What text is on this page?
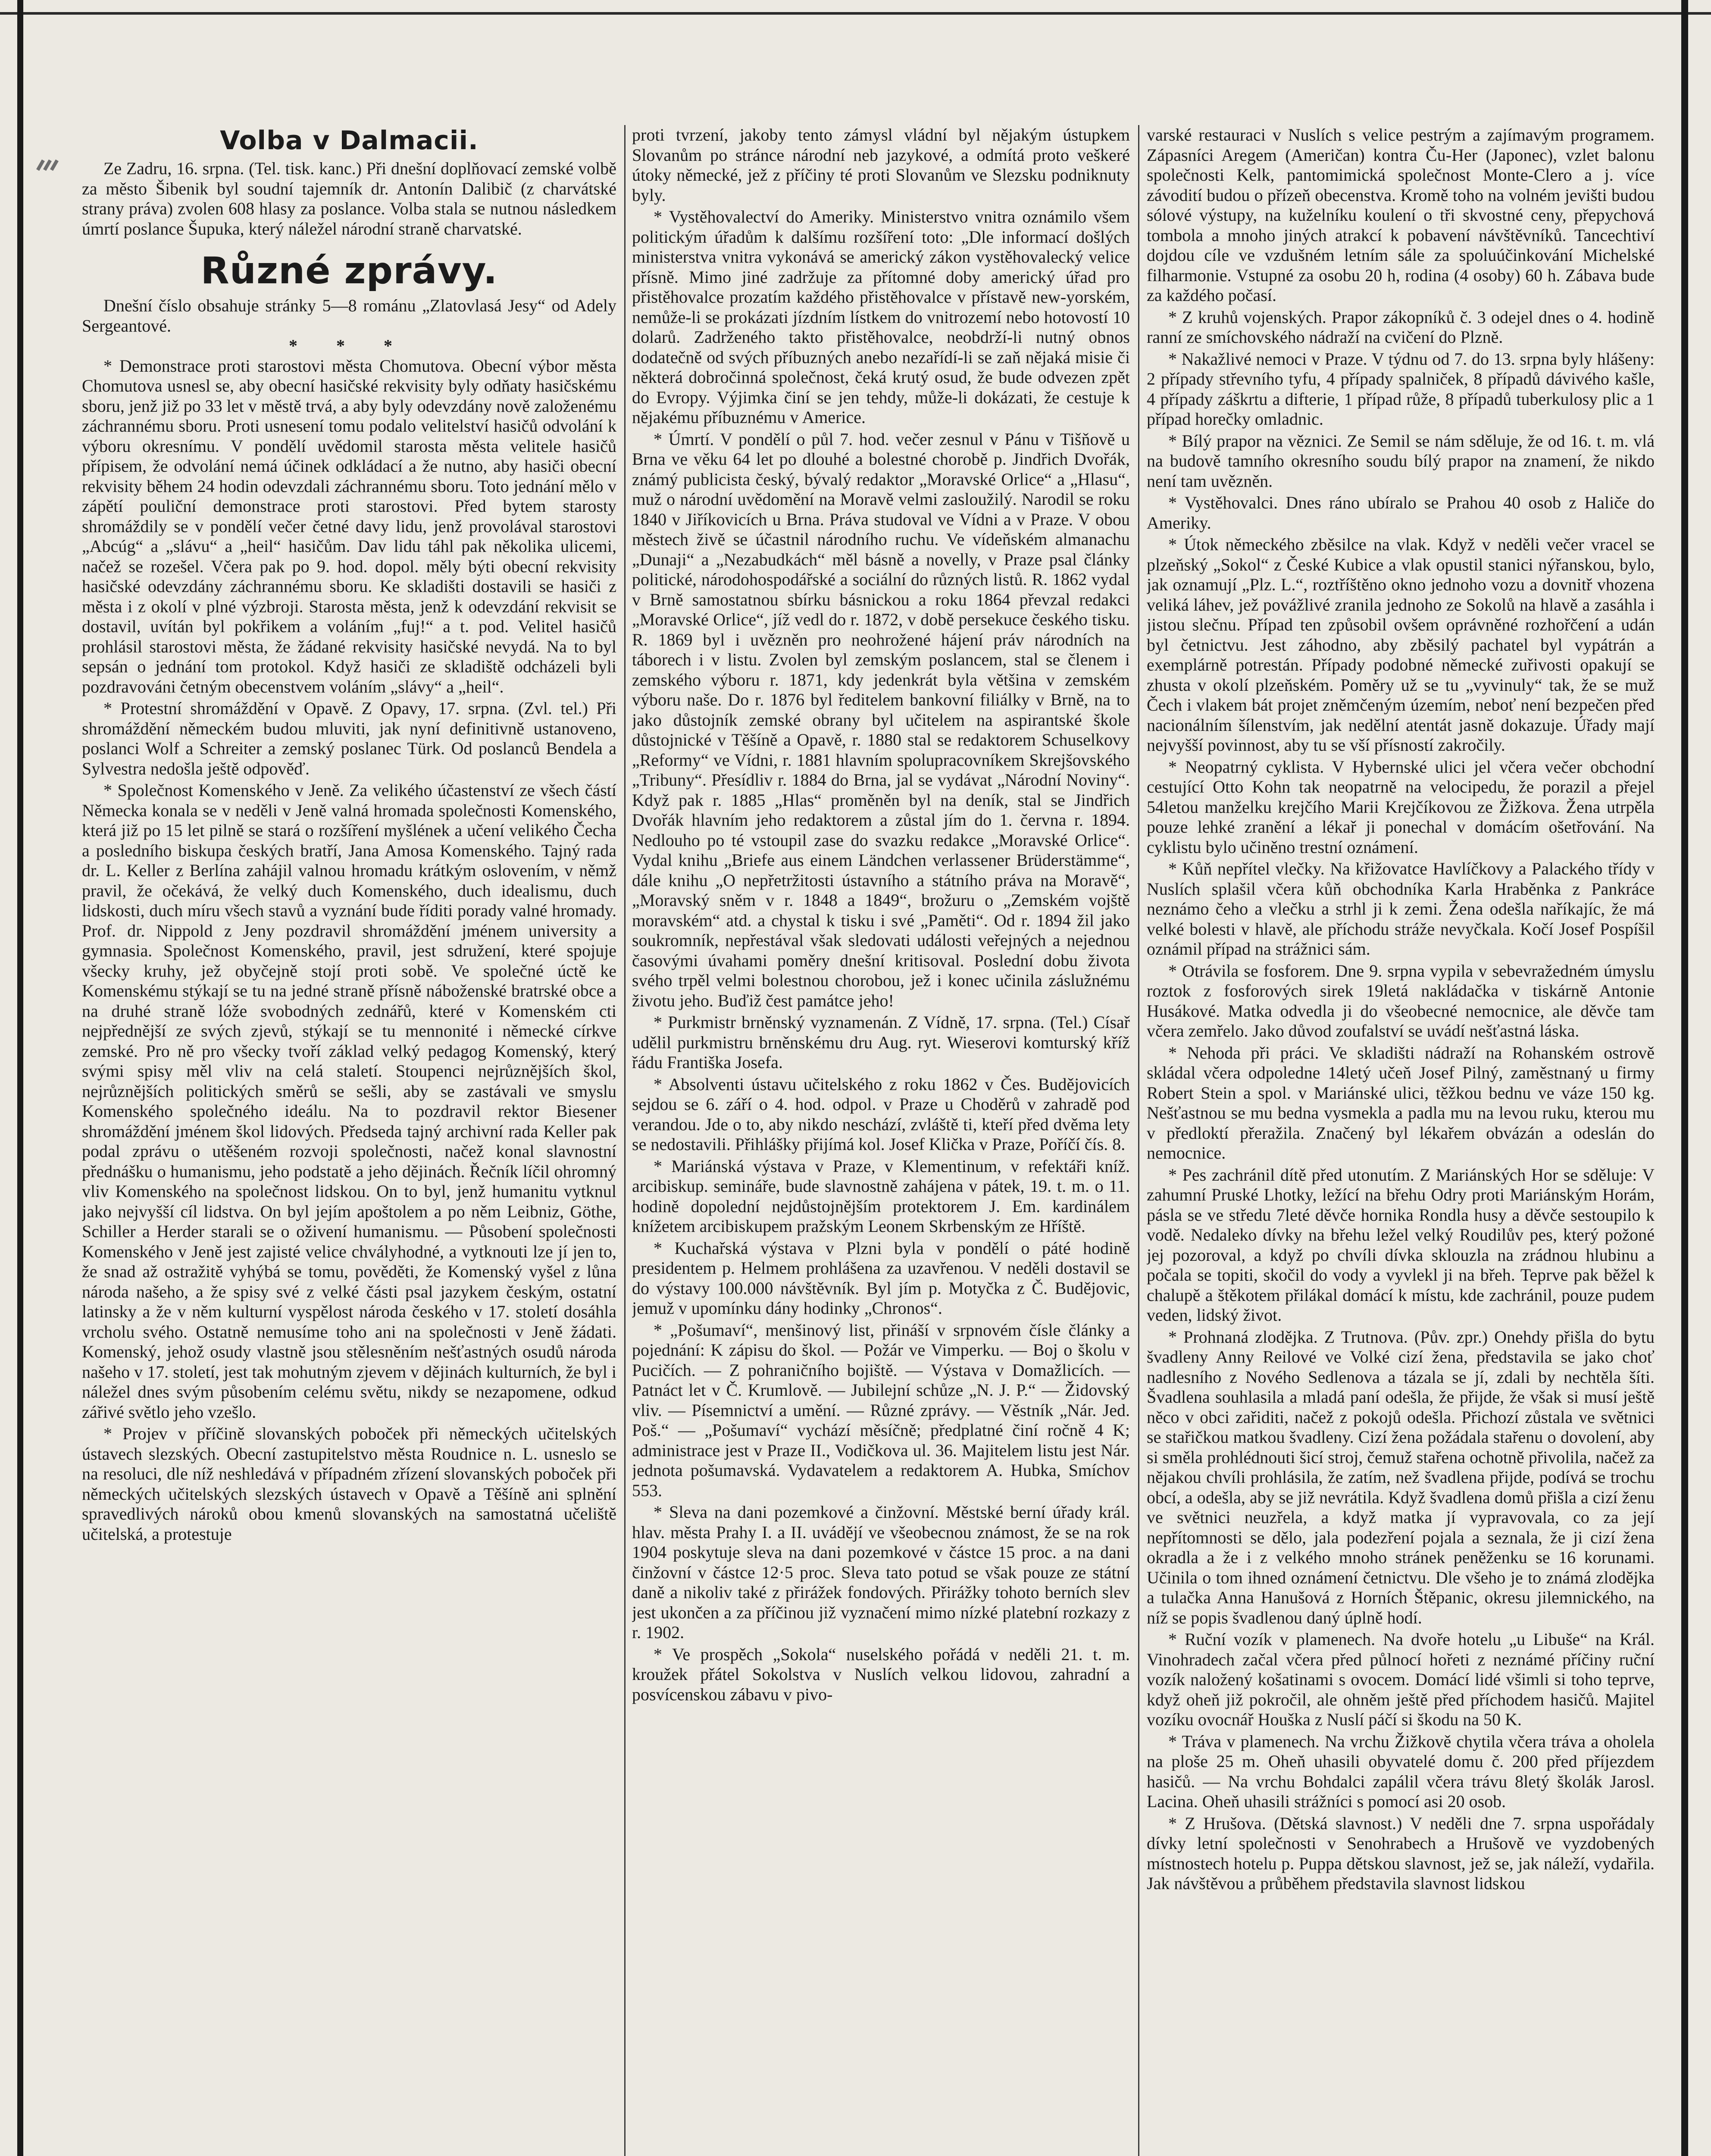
Volba v Dalmacii.

Ze Zadru, 16. srpna. (Tel. tisk. kanc.) Při dnešní doplňovací zemské volbě za město Šibenik byl soudní tajemník dr. Antonín Dalibič (z charvátské strany práva) zvolen 608 hlasy za poslance. Volba stala se nutnou následkem úmrtí poslance Šupuka, který náležel národní straně charvatské.

Různé zprávy.

Dnešní číslo obsahuje stránky 5—8 románu „Zlatovlasá Jesy“ od Adely Sergeantové.

* * *

* Demonstrace proti starostovi města Chomutova. Obecní výbor města Chomutova usnesl se, aby obecní hasičské rekvisity byly odňaty hasičskému sboru, jenž již po 33 let v městě trvá, a aby byly odevzdány nově založenému záchrannému sboru. Proti usnesení tomu podalo velitelství hasičů odvolání k výboru okresnímu. V pondělí uvědomil starosta města velitele hasičů přípisem, že odvolání nemá účinek odkládací a že nutno, aby hasiči obecní rekvisity během 24 hodin odevzdali záchrannému sboru. Toto jednání mělo v zápětí pouliční demonstrace proti starostovi. Před bytem starosty shromáždily se v pondělí večer četné davy lidu, jenž provolával starostovi „Abcúg“ a „slávu“ a „heil“ hasičům. Dav lidu táhl pak několika ulicemi, načež se rozešel. Včera pak po 9. hod. dopol. měly býti obecní rekvisity hasičské odevzdány záchrannému sboru. Ke skladišti dostavili se hasiči z města i z okolí v plné výzbroji. Starosta města, jenž k odevzdání rekvisit se dostavil, uvítán byl pokřikem a voláním „fuj!“ a t. pod. Velitel hasičů prohlásil starostovi města, že žádané rekvisity hasičské nevydá. Na to byl sepsán o jednání tom protokol. Když hasiči ze skladiště odcházeli byli pozdravováni četným obecenstvem voláním „slávy“ a „heil“.

* Protestní shromáždění v Opavě. Z Opavy, 17. srpna. (Zvl. tel.) Při shromáždění německém budou mluviti, jak nyní definitivně ustanoveno, poslanci Wolf a Schreiter a zemský poslanec Türk. Od poslanců Bendela a Sylvestra nedošla ještě odpověď.

* Společnost Komenského v Jeně. Za velikého účastenství ze všech částí Německa konala se v neděli v Jeně valná hromada společnosti Komenského, která již po 15 let pilně se stará o rozšíření myšlének a učení velikého Čecha a posledního biskupa českých bratří, Jana Amosa Komenského. Tajný rada dr. L. Keller z Berlína zahájil valnou hromadu krátkým oslovením, v němž pravil, že očekává, že velký duch Komenského, duch idealismu, duch lidskosti, duch míru všech stavů a vyznání bude říditi porady valné hromady. Prof. dr. Nippold z Jeny pozdravil shromáždění jménem university a gymnasia. Společnost Komenského, pravil, jest sdružení, které spojuje všecky kruhy, jež obyčejně stojí proti sobě. Ve společné úctě ke Komenskému stýkají se tu na jedné straně přísně náboženské bratrské obce a na druhé straně lóže svobodných zednářů, které v Komenském cti nejpřednější ze svých zjevů, stýkají se tu mennonité i německé církve zemské. Pro ně pro všecky tvoří základ velký pedagog Komenský, který svými spisy měl vliv na celá staletí. Stoupenci nejrůznějších škol, nejrůznějších politických směrů se sešli, aby se zastávali ve smyslu Komenského společného ideálu. Na to pozdravil rektor Biesener shromáždění jménem škol lidových. Předseda tajný archivní rada Keller pak podal zprávu o utěšeném rozvoji společnosti, načež konal slavnostní přednášku o humanismu, jeho podstatě a jeho dějinách. Řečník líčil ohromný vliv Komenského na společnost lidskou. On to byl, jenž humanitu vytknul jako nejvyšší cíl lidstva. On byl jejím apoštolem a po něm Leibniz, Göthe, Schiller a Herder starali se o oživení humanismu. — Působení společnosti Komenského v Jeně jest zajisté velice chvályhodné, a vytknouti lze jí jen to, že snad až ostražitě vyhýbá se tomu, pověděti, že Komenský vyšel z lůna národa našeho, a že spisy své z velké části psal jazykem českým, ostatní latinsky a že v něm kulturní vyspělost národa českého v 17. století dosáhla vrcholu svého. Ostatně nemusíme toho ani na společnosti v Jeně žádati. Komenský, jehož osudy vlastně jsou stělesněním nešťastných osudů národa našeho v 17. století, jest tak mohutným zjevem v dějinách kulturních, že byl i náležel dnes svým působením celému světu, nikdy se nezapomene, odkud zářivé světlo jeho vzešlo.

* Projev v příčině slovanských poboček při německých učitelských ústavech slezských. Obecní zastupitelstvo města Roudnice n. L. usneslo se na resoluci, dle níž neshledává v případném zřízení slovanských poboček při německých učitelských slezských ústavech v Opavě a Těšíně ani splnění spravedlivých nároků obou kmenů slovanských na samostatná učeliště učitelská, a protestuje

proti tvrzení, jakoby tento zámysl vládní byl nějakým ústupkem Slovanům po stránce národní neb jazykové, a odmítá proto veškeré útoky německé, jež z příčiny té proti Slovanům ve Slezsku podniknuty byly.

* Vystěhovalectví do Ameriky. Ministerstvo vnitra oznámilo všem politickým úřadům k dalšímu rozšíření toto: „Dle informací došlých ministerstva vnitra vykonává se americký zákon vystěhovalecký velice přísně. Mimo jiné zadržuje za přítomné doby americký úřad pro přistěhovalce prozatím každého přistěhovalce v přístavě new-yorském, nemůže-li se prokázati jízdním lístkem do vnitrozemí nebo hotovostí 10 dolarů. Zadrženého takto přistěhovalce, neobdrží-li nutný obnos dodatečně od svých příbuzných anebo nezařídí-li se zaň nějaká misie či některá dobročinná společnost, čeká krutý osud, že bude odvezen zpět do Evropy. Výjimka činí se jen tehdy, může-li dokázati, že cestuje k nějakému příbuznému v Americe.

* Úmrtí. V pondělí o půl 7. hod. večer zesnul v Pánu v Tišňově u Brna ve věku 64 let po dlouhé a bolestné chorobě p. Jindřich Dvořák, známý publicista český, bývalý redaktor „Moravské Orlice“ a „Hlasu“, muž o národní uvědomění na Moravě velmi zasloužilý. Narodil se roku 1840 v Jiříkovicích u Brna. Práva studoval ve Vídni a v Praze. V obou městech živě se účastnil národního ruchu. Ve vídeňském almanachu „Dunaji“ a „Nezabudkách“ měl básně a novelly, v Praze psal články politické, národohospodářské a sociální do různých listů. R. 1862 vydal v Brně samostatnou sbírku básnickou a roku 1864 převzal redakci „Moravské Orlice“, jíž vedl do r. 1872, v době persekuce českého tisku. R. 1869 byl i uvězněn pro neohrožené hájení práv národních na táborech i v listu. Zvolen byl zemským poslancem, stal se členem i zemského výboru r. 1871, kdy jedenkrát byla většina v zemském výboru naše. Do r. 1876 byl ředitelem bankovní filiálky v Brně, na to jako důstojník zemské obrany byl učitelem na aspirantské škole důstojnické v Těšíně a Opavě, r. 1880 stal se redaktorem Schuselkovy „Reformy“ ve Vídni, r. 1881 hlavním spolupracovníkem Skrejšovského „Tribuny“. Přesídliv r. 1884 do Brna, jal se vydávat „Národní Noviny“. Když pak r. 1885 „Hlas“ proměněn byl na deník, stal se Jindřich Dvořák hlavním jeho redaktorem a zůstal jím do 1. června r. 1894. Nedlouho po té vstoupil zase do svazku redakce „Moravské Orlice“. Vydal knihu „Briefe aus einem Ländchen verlassener Brüderstämme“, dále knihu „O nepřetržitosti ústavního a státního práva na Moravě“, „Moravský sněm v r. 1848 a 1849“, brožuru o „Zemském vojště moravském“ atd. a chystal k tisku i své „Paměti“. Od r. 1894 žil jako soukromník, nepřestával však sledovati události veřejných a nejednou časovými úvahami poměry dnešní kritisoval. Poslední dobu života svého trpěl velmi bolestnou chorobou, jež i konec učinila záslužnému životu jeho. Buďiž čest památce jeho!

* Purkmistr brněnský vyznamenán. Z Vídně, 17. srpna. (Tel.) Císař udělil purkmistru brněnskému dru Aug. ryt. Wieserovi komturský kříž řádu Františka Josefa.

* Absolventi ústavu učitelského z roku 1862 v Čes. Budějovicích sejdou se 6. září o 4. hod. odpol. v Praze u Choděrů v zahradě pod verandou. Jde o to, aby nikdo neschází, zvláště ti, kteří před dvěma lety se nedostavili. Přihlášky přijímá kol. Josef Klička v Praze, Poříčí čís. 8.

* Mariánská výstava v Praze, v Klementinum, v refektáři kníž. arcibiskup. semináře, bude slavnostně zahájena v pátek, 19. t. m. o 11. hodině dopolední nejdůstojnějším protektorem J. Em. kardinálem knížetem arcibiskupem pražským Leonem Skrbenským ze Hříště.

* Kuchařská výstava v Plzni byla v pondělí o páté hodině presidentem p. Helmem prohlášena za uzavřenou. V neděli dostavil se do výstavy 100.000 návštěvník. Byl jím p. Motyčka z Č. Budějovic, jemuž v upomínku dány hodinky „Chronos“.

* „Pošumaví“, menšinový list, přináší v srpnovém čísle články a pojednání: K zápisu do škol. — Požár ve Vimperku. — Boj o školu v Pucičích. — Z pohraničního bojiště. — Výstava v Domažlicích. — Patnáct let v Č. Krumlově. — Jubilejní schůze „N. J. P.“ — Židovský vliv. — Písemnictví a umění. — Různé zprávy. — Věstník „Nár. Jed. Poš.“ — „Pošumaví“ vychází měsíčně; předplatné činí ročně 4 K; administrace jest v Praze II., Vodičkova ul. 36. Majitelem listu jest Nár. jednota pošumavská. Vydavatelem a redaktorem A. Hubka, Smíchov 553.

* Sleva na dani pozemkové a činžovní. Městské berní úřady král. hlav. města Prahy I. a II. uvádějí ve všeobecnou známost, že se na rok 1904 poskytuje sleva na dani pozemkové v částce 15 proc. a na dani činžovní v částce 12·5 proc. Sleva tato potud se však pouze ze státní daně a nikoliv také z přirážek fondových. Přirážky tohoto berních slev jest ukončen a za příčinou již vyznačení mimo nízké platební rozkazy z r. 1902.

* Ve prospěch „Sokola“ nuselského pořádá v neděli 21. t. m. kroužek přátel Sokolstva v Nuslích velkou lidovou, zahradní a posvícenskou zábavu v pivo-

varské restauraci v Nuslích s velice pestrým a zajímavým programem. Zápasníci Aregem (Američan) kontra Ču-Her (Japonec), vzlet balonu společnosti Kelk, pantomimická společnost Monte-Clero a j. více závodití budou o přízeň obecenstva. Kromě toho na volném jevišti budou sólové výstupy, na kuželníku koulení o tři skvostné ceny, přepychová tombola a mnoho jiných atrakcí k pobavení návštěvníků. Tancechtiví dojdou cíle ve vzdušném letním sále za spoluúčinkování Michelské filharmonie. Vstupné za osobu 20 h, rodina (4 osoby) 60 h. Zábava bude za každého počasí.

* Z kruhů vojenských. Prapor zákopníků č. 3 odejel dnes o 4. hodině ranní ze smíchovského nádraží na cvičení do Plzně.

* Nakažlivé nemoci v Praze. V týdnu od 7. do 13. srpna byly hlášeny: 2 případy střevního tyfu, 4 případy spalniček, 8 případů dávivého kašle, 4 případy záškrtu a difterie, 1 případ růže, 8 případů tuberkulosy plic a 1 případ horečky omladnic.

* Bílý prapor na věznici. Ze Semil se nám sděluje, že od 16. t. m. vlá na budově tamního okresního soudu bílý prapor na znamení, že nikdo není tam uvězněn.

* Vystěhovalci. Dnes ráno ubíralo se Prahou 40 osob z Haliče do Ameriky.

* Útok německého zběsilce na vlak. Když v neděli večer vracel se plzeňský „Sokol“ z České Kubice a vlak opustil stanici nýřanskou, bylo, jak oznamují „Plz. L.“, roztříštěno okno jednoho vozu a dovnitř vhozena veliká láhev, jež povážlivé zranila jednoho ze Sokolů na hlavě a zasáhla i jistou slečnu. Případ ten způsobil ovšem oprávněné rozhořčení a udán byl četnictvu. Jest záhodno, aby zběsilý pachatel byl vypátrán a exemplárně potrestán. Případy podobné německé zuřivosti opakují se zhusta v okolí plzeňském. Poměry už se tu „vyvinuly“ tak, že se muž Čech i vlakem bát projet zněmčeným územím, neboť není bezpečen před nacionálním šílenstvím, jak nedělní atentát jasně dokazuje. Úřady mají nejvyšší povinnost, aby tu se vší přísností zakročily.

* Neopatrný cyklista. V Hybernské ulici jel včera večer obchodní cestující Otto Kohn tak neopatrně na velocipedu, že porazil a přejel 54letou manželku krejčího Marii Krejčíkovou ze Žižkova. Žena utrpěla pouze lehké zranění a lékař ji ponechal v domácím ošetřování. Na cyklistu bylo učiněno trestní oznámení.

* Kůň nepřítel vlečky. Na křižovatce Havlíčkovy a Palackého třídy v Nuslích splašil včera kůň obchodníka Karla Hraběnka z Pankráce neznámo čeho a vlečku a strhl ji k zemi. Žena odešla naříkajíc, že má velké bolesti v hlavě, ale příchodu stráže nevyčkala. Kočí Josef Pospíšil oznámil případ na strážnici sám.

* Otrávila se fosforem. Dne 9. srpna vypila v sebevražedném úmyslu roztok z fosforových sirek 19letá nakládačka v tiskárně Antonie Husákové. Matka odvedla ji do všeobecné nemocnice, ale děvče tam včera zemřelo. Jako důvod zoufalství se uvádí nešťastná láska.

* Nehoda při práci. Ve skladišti nádraží na Rohanském ostrově skládal včera odpoledne 14letý učeň Josef Pilný, zaměstnaný u firmy Robert Stein a spol. v Mariánské ulici, těžkou bednu ve váze 150 kg. Nešťastnou se mu bedna vysmekla a padla mu na levou ruku, kterou mu v předloktí přeražila. Značený byl lékařem obvázán a odeslán do nemocnice.

* Pes zachránil dítě před utonutím. Z Mariánských Hor se sděluje: V zahumní Pruské Lhotky, ležící na břehu Odry proti Mariánským Horám, pásla se ve středu 7leté děvče hornika Rondla husy a děvče sestoupilo k vodě. Nedaleko dívky na břehu ležel velký Roudilův pes, který požoné jej pozoroval, a když po chvíli dívka sklouzla na zrádnou hlubinu a počala se topiti, skočil do vody a vyvlekl ji na břeh. Teprve pak běžel k chalupě a štěkotem přilákal domácí k místu, kde zachránil, pouze pudem veden, lidský život.

* Prohnaná zlodějka. Z Trutnova. (Pův. zpr.) Onehdy přišla do bytu švadleny Anny Reilové ve Volké cizí žena, představila se jako choť nadlesního z Nového Sedlenova a tázala se jí, zdali by nechtěla šíti. Švadlena souhlasila a mladá paní odešla, že přijde, že však si musí ještě něco v obci zařiditi, načež z pokojů odešla. Přichozí zůstala ve světnici se stařičkou matkou švadleny. Cizí žena požádala stařenu o dovolení, aby si směla prohlédnouti šicí stroj, čemuž stařena ochotně přivolila, načež za nějakou chvíli prohlásila, že zatím, než švadlena přijde, podívá se trochu obcí, a odešla, aby se již nevrátila. Když švadlena domů přišla a cizí ženu ve světnici neuzřela, a když matka jí vypravovala, co za její nepřítomnosti se dělo, jala podezření pojala a seznala, že ji cizí žena okradla a že i z velkého mnoho stránek peněženku se 16 korunami. Učinila o tom ihned oznámení četnictvu. Dle všeho je to známá zlodějka a tulačka Anna Hanušová z Horních Štěpanic, okresu jilemnického, na níž se popis švadlenou daný úplně hodí.

* Ruční vozík v plamenech. Na dvoře hotelu „u Libuše“ na Král. Vinohradech začal včera před půlnocí hořeti z neznámé příčiny ruční vozík naložený košatinami s ovocem. Domácí lidé všimli si toho teprve, když oheň již pokročil, ale ohněm ještě před příchodem hasičů. Majitel vozíku ovocnář Houška z Nuslí páčí si škodu na 50 K.

* Tráva v plamenech. Na vrchu Žižkově chytila včera tráva a oholela na ploše 25 m. Oheň uhasili obyvatelé domu č. 200 před příjezdem hasičů. — Na vrchu Bohdalci zapálil včera trávu 8letý školák Jarosl. Lacina. Oheň uhasili strážníci s pomocí asi 20 osob.

* Z Hrušova. (Dětská slavnost.) V neděli dne 7. srpna uspořádaly dívky letní společnosti v Senohrabech a Hrušově ve vyzdobených místnostech hotelu p. Puppa dětskou slavnost, jež se, jak náleží, vydařila. Jak návštěvou a průběhem představila slavnost lidskou
